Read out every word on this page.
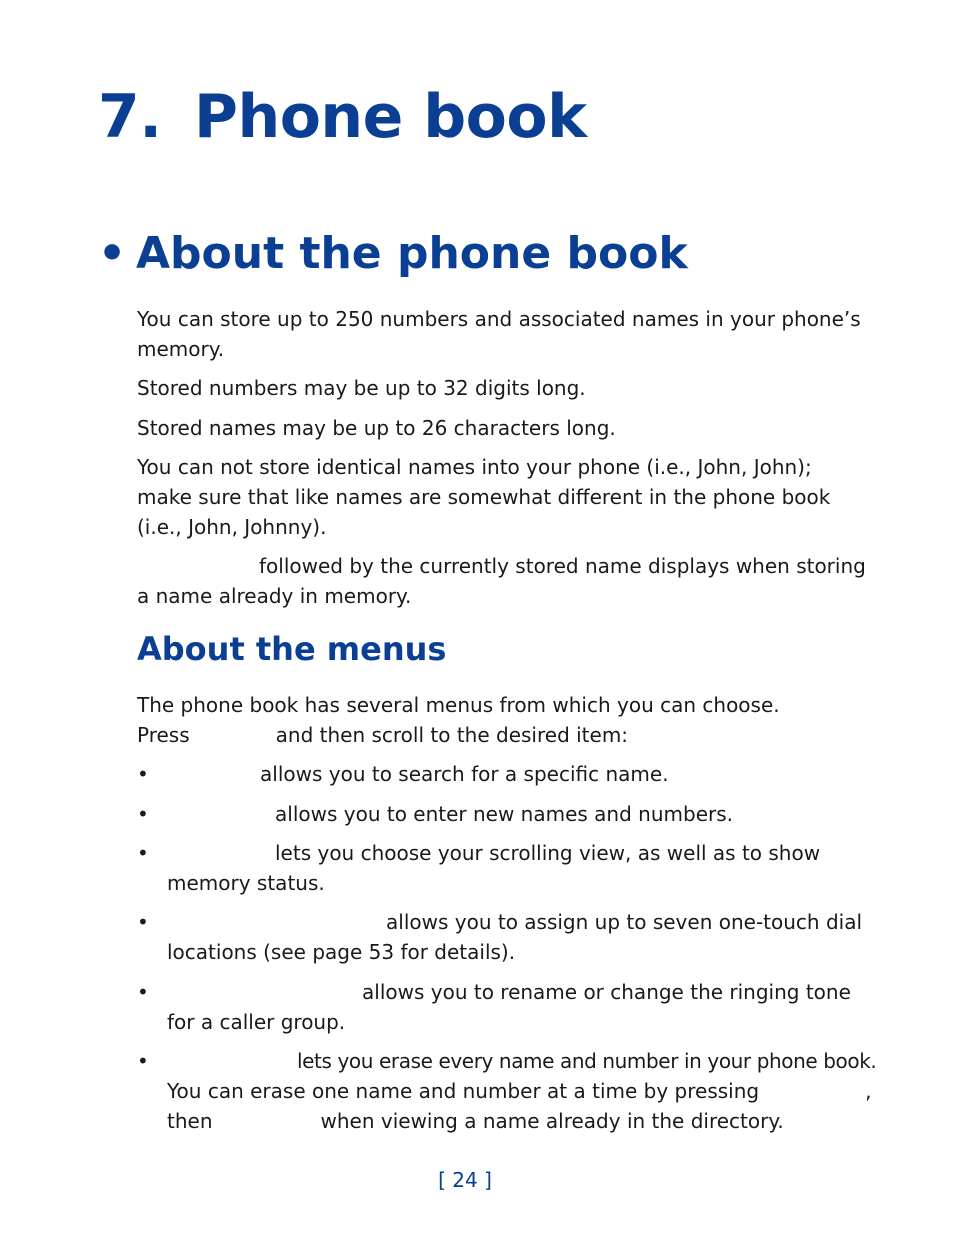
7. Phone book
• About the phone book

You can store up to 250 numbers and associated names in your phone’s
memory.

Stored numbers may be up to 32 digits long.

Stored names may be up to 26 characters long.

You can not store identical names into your phone (i.e., John, John);
make sure that like names are somewhat different in the phone book
(i.e., John, Johnny).

followed by the currently stored name displays when storing
a name already in memory.

About the menus

The phone book has several menus from which you can choose.
Press	and then scroll to the desired item:

•	allows you to search for a specific name.
•	allows you to enter new names and numbers.
•	lets you choose your scrolling view, as well as to show
memory status.
•	allows you to assign up to seven one-touch dial
locations (see page 53 for details).
•	allows you to rename or change the ringing tone
for a caller group.
•	lets you erase every name and number in your phone book.
You can erase one name and number at a time by pressing	,
then	when viewing a name already in the directory.
[ 24 ]
